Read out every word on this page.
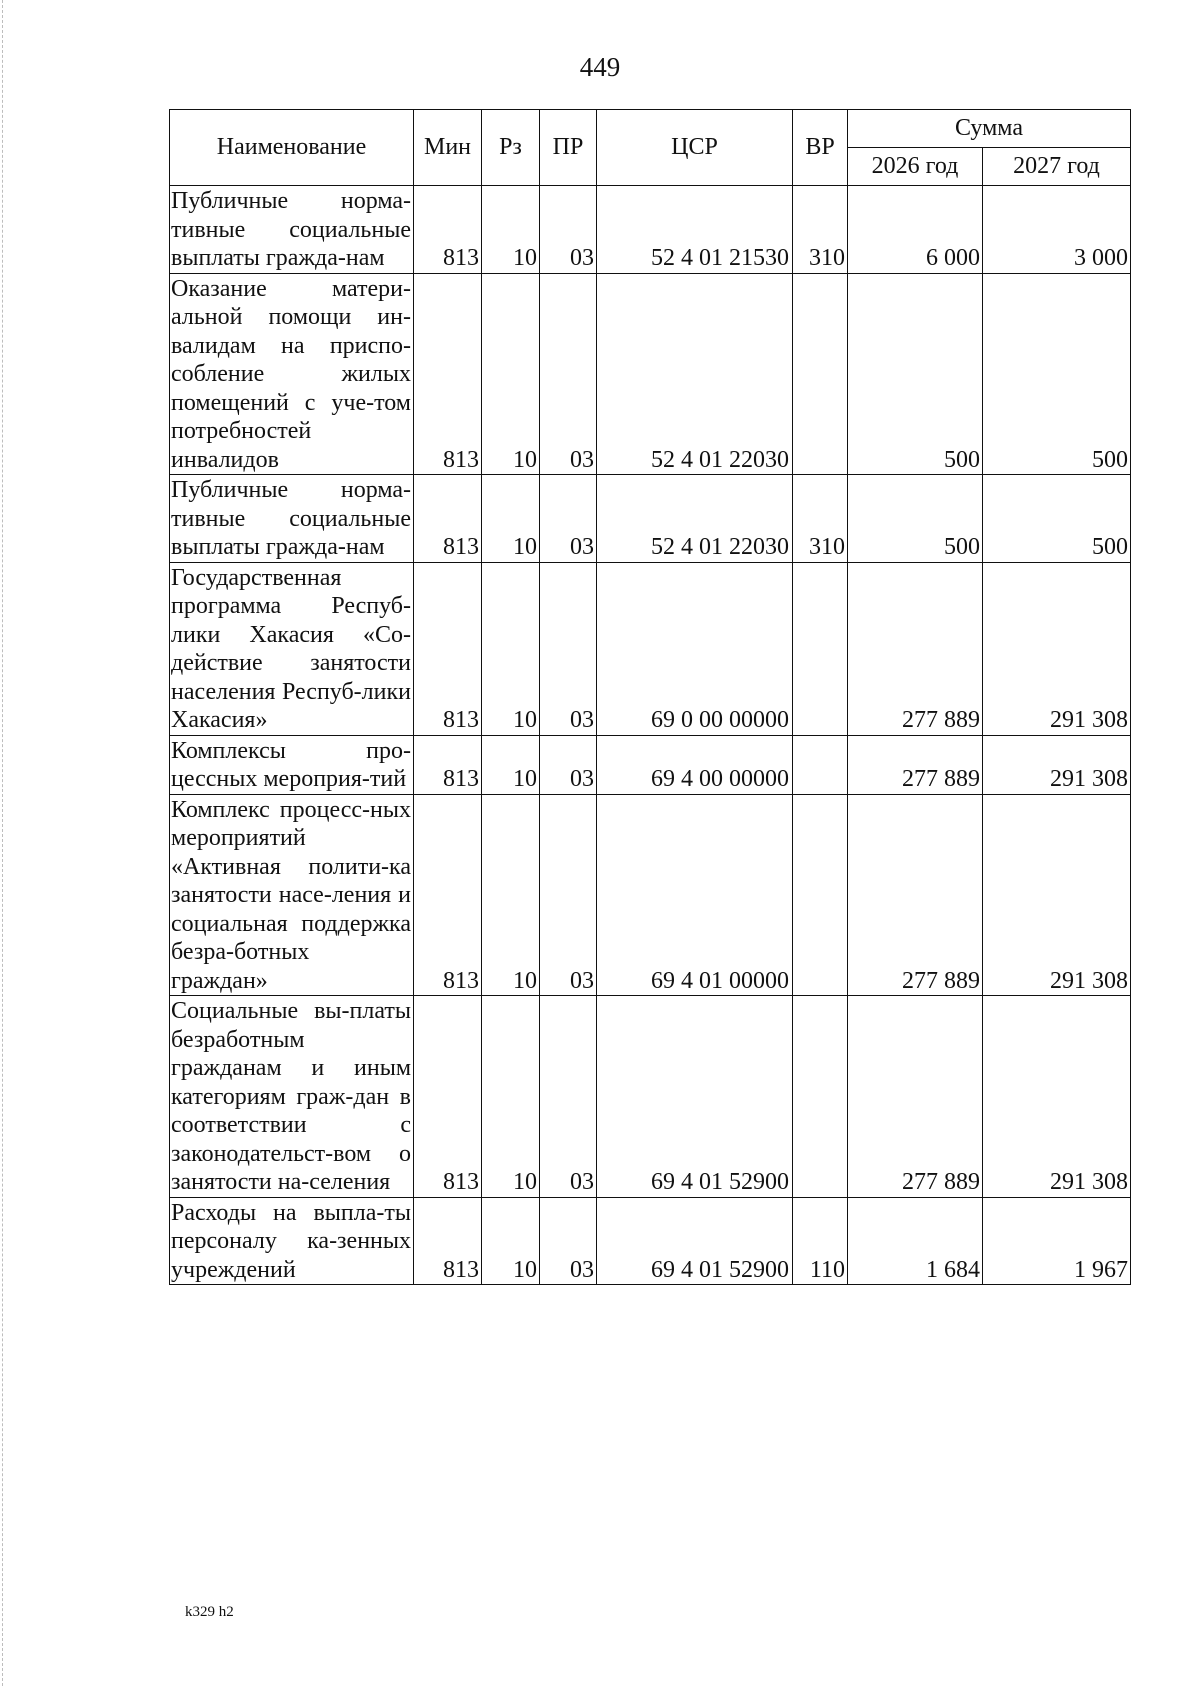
449
Наименование	Мин	Рз	ПР	ЦСР	ВР	Сумма	
						2026 год	2027 год
Публичные норма-тивные социальные выплаты гражда-нам	813	10	03	52 4 01 21530	310	6 000	3 000
Оказание матери-альной помощи ин-валидам на приспо-собление жилых помещений с уче-том потребностей инвалидов	813	10	03	52 4 01 22030		500	500
Публичные норма-тивные социальные выплаты гражда-нам	813	10	03	52 4 01 22030	310	500	500
Государственная программа Респуб-лики Хакасия «Со-действие занятости населения Респуб-лики Хакасия»	813	10	03	69 0 00 00000		277 889	291 308
Комплексы про-цессных мероприя-тий	813	10	03	69 4 00 00000		277 889	291 308
Комплекс процесс-ных мероприятий «Активная полити-ка занятости насе-ления и социальная поддержка безра-ботных граждан»	813	10	03	69 4 01 00000		277 889	291 308
Социальные вы-платы безработным гражданам и иным категориям граж-дан в соответствии с законодательст-вом о занятости на-селения	813	10	03	69 4 01 52900		277 889	291 308
Расходы на выпла-ты персоналу ка-зенных учреждений	813	10	03	69 4 01 52900	110	1 684	1 967
k329 h2
